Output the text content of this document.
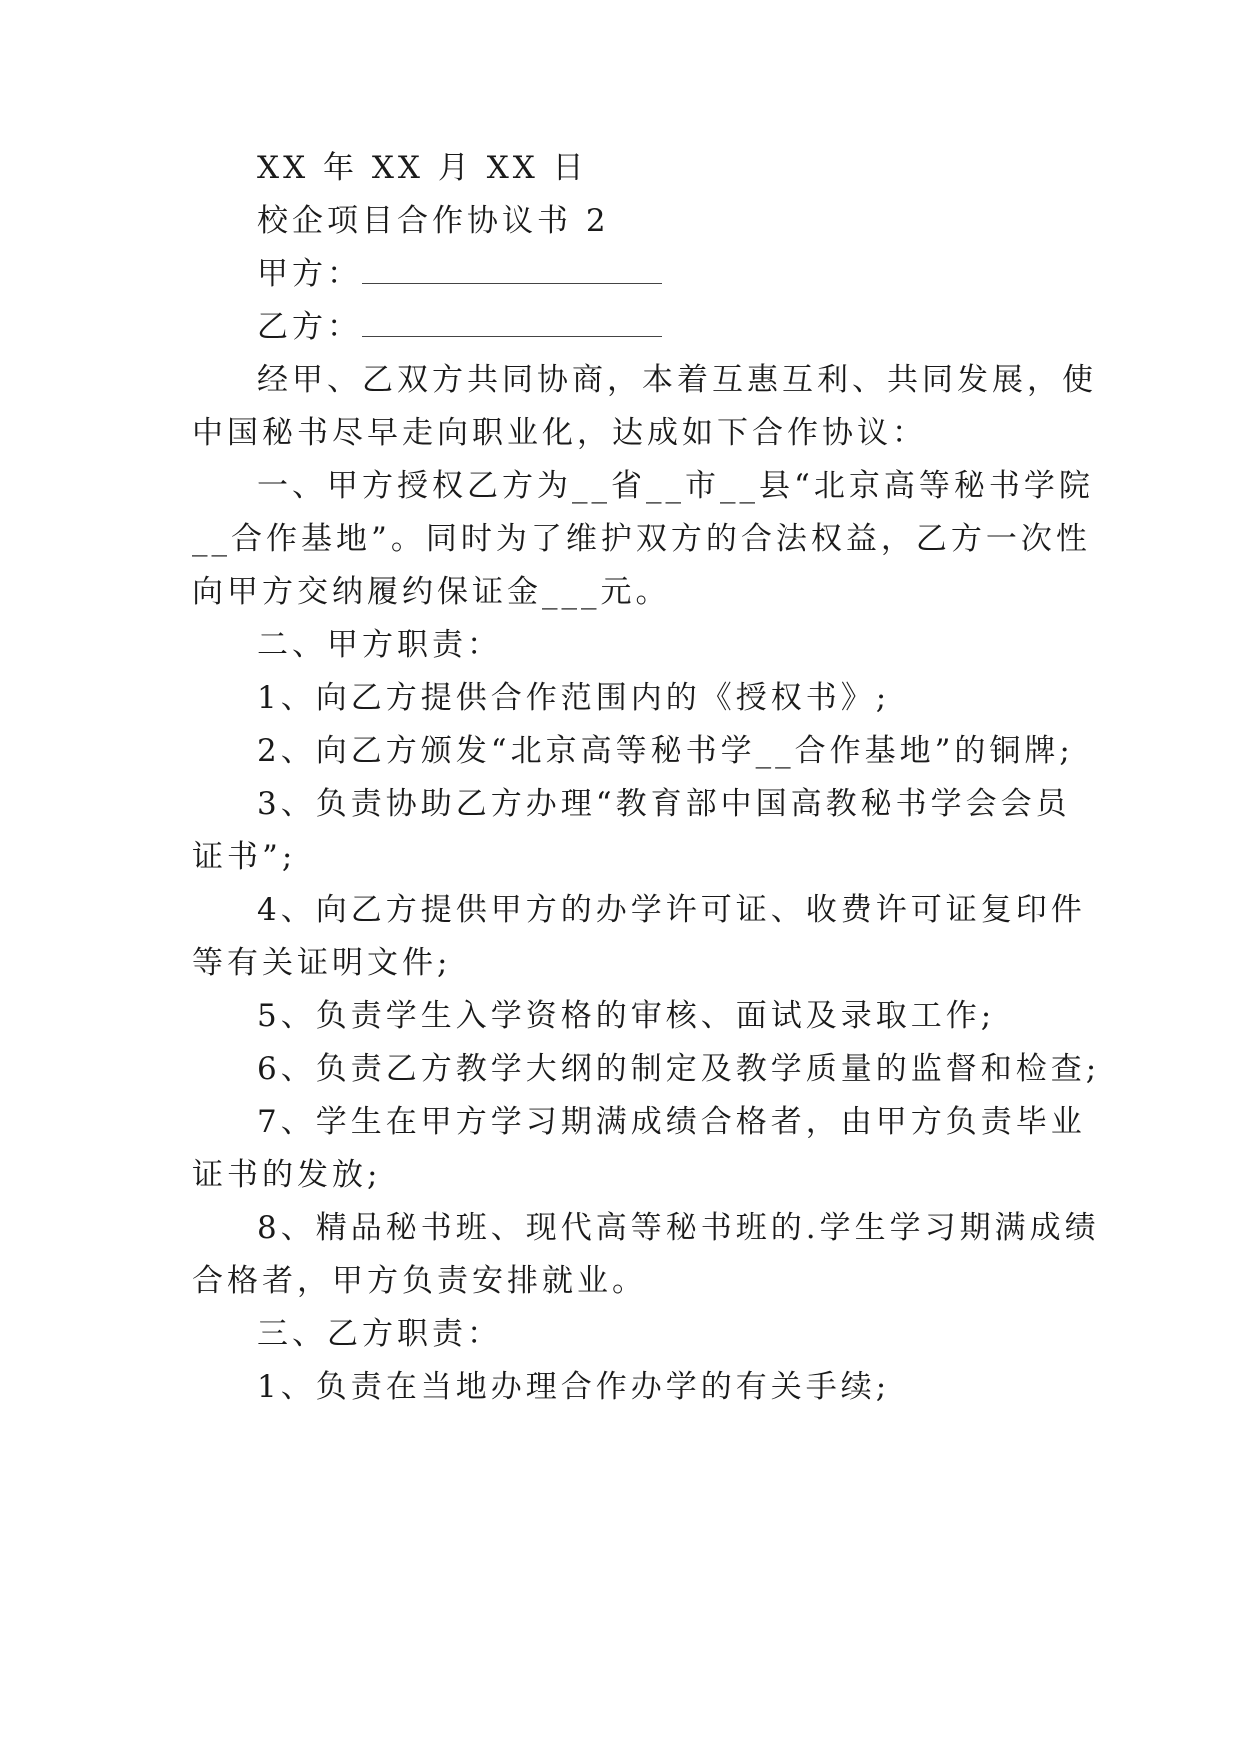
XX 年 XX 月 XX 日
校企项目合作协议书 2
甲方：
乙方：
经甲、乙双方共同协商，本着互惠互利、共同发展，使
中国秘书尽早走向职业化，达成如下合作协议：
一、甲方授权乙方为__省__市__县“北京高等秘书学院
__合作基地”。同时为了维护双方的合法权益，乙方一次性
向甲方交纳履约保证金___元。
二、甲方职责：
1、向乙方提供合作范围内的《授权书》;
2、向乙方颁发“北京高等秘书学__合作基地”的铜牌;
3、负责协助乙方办理“教育部中国高教秘书学会会员
证书”;
4、向乙方提供甲方的办学许可证、收费许可证复印件
等有关证明文件;
5、负责学生入学资格的审核、面试及录取工作;
6、负责乙方教学大纲的制定及教学质量的监督和检查;
7、学生在甲方学习期满成绩合格者，由甲方负责毕业
证书的发放;
8、精品秘书班、现代高等秘书班的.学生学习期满成绩
合格者，甲方负责安排就业。
三、乙方职责：
1、负责在当地办理合作办学的有关手续;
